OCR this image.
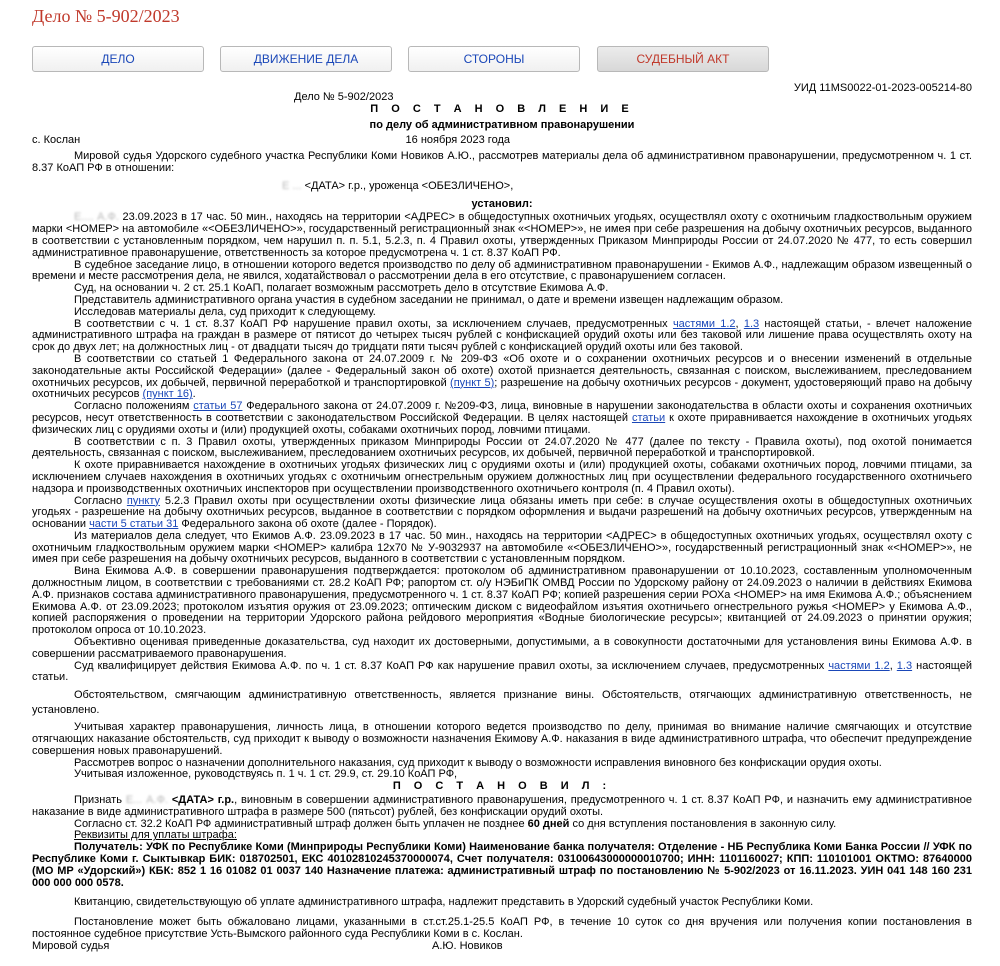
Дело № 5-902/2023
ДЕЛО	ДВИЖЕНИЕ ДЕЛА	СТОРОНЫ	СУДЕБНЫЙ АКТ
УИД 11MS0022-01-2023-005214-80

Дело № 5-902/2023

П О С Т А Н О В Л Е Н И Е

по делу об административном правонарушении

с. Кослан	16 ноября 2023 года

Мировой судья Удорского судебного участка Республики Коми Новиков А.Ю., рассмотрев материалы дела об административном правонарушении, предусмотренном ч. 1 ст. 8.37 КоАП РФ в отношении:

Е ... <ДАТА> г.р., уроженца <ОБЕЗЛИЧЕНО>,

установил:

Е.... А.Ф. 23.09.2023 в 17 час. 50 мин., находясь на территории <АДРЕС> в общедоступных охотничьих угодьях, осуществлял охоту с охотничьим гладкоствольным оружием марки <НОМЕР> на автомобиле «<ОБЕЗЛИЧЕНО>», государственный регистрационный знак «<НОМЕР>», не имея при себе разрешения на добычу охотничьих ресурсов, выданного в соответствии с установленным порядком, чем нарушил п. п. 5.1, 5.2.3, п. 4 Правил охоты, утвержденных Приказом Минприроды России от 24.07.2020 № 477, то есть совершил административное правонарушение, ответственность за которое предусмотрена ч. 1 ст. 8.37 КоАП РФ.

В судебное заседание лицо, в отношении которого ведется производство по делу об административном правонарушении - Екимов А.Ф., надлежащим образом извещенный о времени и месте рассмотрения дела, не явился, ходатайствовал о рассмотрении дела в его отсутствие, с правонарушением согласен.

Суд, на основании ч. 2 ст. 25.1 КоАП, полагает возможным рассмотреть дело в отсутствие Екимова А.Ф.

Представитель административного органа участия в судебном заседании не принимал, о дате и времени извещен надлежащим образом.

Исследовав материалы дела, суд приходит к следующему.

В соответствии с ч. 1 ст. 8.37 КоАП РФ нарушение правил охоты, за исключением случаев, предусмотренных частями 1.2, 1.3 настоящей статьи, - влечет наложение административного штрафа на граждан в размере от пятисот до четырех тысяч рублей с конфискацией орудий охоты или без таковой или лишение права осуществлять охоту на срок до двух лет; на должностных лиц - от двадцати тысяч до тридцати пяти тысяч рублей с конфискацией орудий охоты или без таковой.

В соответствии со статьей 1 Федерального закона от 24.07.2009 г. № 209-ФЗ «Об охоте и о сохранении охотничьих ресурсов и о внесении изменений в отдельные законодательные акты Российской Федерации» (далее - Федеральный закон об охоте) охотой признается деятельность, связанная с поиском, выслеживанием, преследованием охотничьих ресурсов, их добычей, первичной переработкой и транспортировкой (пункт 5); разрешение на добычу охотничьих ресурсов - документ, удостоверяющий право на добычу охотничьих ресурсов (пункт 16).

Согласно положениям статьи 57 Федерального закона от 24.07.2009 г. №209-ФЗ, лица, виновные в нарушении законодательства в области охоты и сохранения охотничьих ресурсов, несут ответственность в соответствии с законодательством Российской Федерации. В целях настоящей статьи к охоте приравнивается нахождение в охотничьих угодьях физических лиц с орудиями охоты и (или) продукцией охоты, собаками охотничьих пород, ловчими птицами.

В соответствии с п. 3 Правил охоты, утвержденных приказом Минприроды России от 24.07.2020 № 477 (далее по тексту - Правила охоты), под охотой понимается деятельность, связанная с поиском, выслеживанием, преследованием охотничьих ресурсов, их добычей, первичной переработкой и транспортировкой.

К охоте приравнивается нахождение в охотничьих угодьях физических лиц с орудиями охоты и (или) продукцией охоты, собаками охотничьих пород, ловчими птицами, за исключением случаев нахождения в охотничьих угодьях с охотничьим огнестрельным оружием должностных лиц при осуществлении федерального государственного охотничьего надзора и производственных охотничьих инспекторов при осуществлении производственного охотничьего контроля (п. 4 Правил охоты).

Согласно пункту 5.2.3 Правил охоты при осуществлении охоты физические лица обязаны иметь при себе: в случае осуществления охоты в общедоступных охотничьих угодьях - разрешение на добычу охотничьих ресурсов, выданное в соответствии с порядком оформления и выдачи разрешений на добычу охотничьих ресурсов, утвержденным на основании части 5 статьи 31 Федерального закона об охоте (далее - Порядок).

Из материалов дела следует, что Екимов А.Ф. 23.09.2023 в 17 час. 50 мин., находясь на территории <АДРЕС> в общедоступных охотничьих угодьях, осуществлял охоту с охотничьим гладкоствольным оружием марки <НОМЕР> калибра 12х70 № У-9032937 на автомобиле «<ОБЕЗЛИЧЕНО>», государственный регистрационный знак «<НОМЕР>», не имея при себе разрешения на добычу охотничьих ресурсов, выданного в соответствии с установленным порядком.

Вина Екимова А.Ф. в совершении правонарушения подтверждается: протоколом об административном правонарушении от 10.10.2023, составленным уполномоченным должностным лицом, в соответствии с требованиями ст. 28.2 КоАП РФ; рапортом ст. о/у НЭБиПК ОМВД России по Удорскому району от 24.09.2023 о наличии в действиях Екимова А.Ф. признаков состава административного правонарушения, предусмотренного ч. 1 ст. 8.37 КоАП РФ; копией разрешения серии РОХа <НОМЕР> на имя Екимова А.Ф.; объяснением Екимова А.Ф. от 23.09.2023; протоколом изъятия оружия от 23.09.2023; оптическим диском с видеофайлом изъятия охотничьего огнестрельного ружья <НОМЕР> у Екимова А.Ф., копией распоряжения о проведении на территории Удорского района рейдового мероприятия «Водные биологические ресурсы»; квитанцией от 24.09.2023 о принятии оружия; протоколом опроса от 10.10.2023.

Объективно оценивая приведенные доказательства, суд находит их достоверными, допустимыми, а в совокупности достаточными для установления вины Екимова А.Ф. в совершении рассматриваемого правонарушения.

Суд квалифицирует действия Екимова А.Ф. по ч. 1 ст. 8.37 КоАП РФ как нарушение правил охоты, за исключением случаев, предусмотренных частями 1.2, 1.3 настоящей статьи.

Обстоятельством, смягчающим административную ответственность, является признание вины. Обстоятельств, отягчающих административную ответственность, не установлено.

Учитывая характер правонарушения, личность лица, в отношении которого ведется производство по делу, принимая во внимание наличие смягчающих и отсутствие отягчающих наказание обстоятельств, суд приходит к выводу о возможности назначения Екимову А.Ф. наказания в виде административного штрафа, что обеспечит предупреждение совершения новых правонарушений.

Рассмотрев вопрос о назначении дополнительного наказания, суд приходит к выводу о возможности исправления виновного без конфискации орудия охоты.

Учитывая изложенное, руководствуясь п. 1 ч. 1 ст. 29.9, ст. 29.10 КоАП РФ,

П О С Т А Н О В И Л :

Признать Е... А.Ф. <ДАТА> г.р., виновным в совершении административного правонарушения, предусмотренного ч. 1 ст. 8.37 КоАП РФ, и назначить ему административное наказание в виде административного штрафа в размере 500 (пятьсот) рублей, без конфискации орудий охоты.

Согласно ст. 32.2 КоАП РФ административный штраф должен быть уплачен не позднее 60 дней со дня вступления постановления в законную силу.

Реквизиты для уплаты штрафа:

Получатель: УФК по Республике Коми (Минприроды Республики Коми) Наименование банка получателя: Отделение - НБ Республика Коми Банка России // УФК по Республике Коми г. Сыктывкар БИК: 018702501, ЕКС 40102810245370000074, Счет получателя: 03100643000000010700; ИНН: 1101160027; КПП: 110101001 ОКТМО: 87640000 (МО МР «Удорский») КБК: 852 1 16 01082 01 0037 140 Назначение платежа: административный штраф по постановлению № 5-902/2023 от 16.11.2023. УИН 041 148 160 231 000 000 000 0578.

Квитанцию, свидетельствующую об уплате административного штрафа, надлежит представить в Удорский судебный участок Республики Коми.

Постановление может быть обжаловано лицами, указанными в ст.ст.25.1-25.5 КоАП РФ, в течение 10 суток со дня вручения или получения копии постановления в постоянное судебное присутствие Усть-Вымского районного суда Республики Коми в с. Кослан.

Мировой судья	А.Ю. Новиков
